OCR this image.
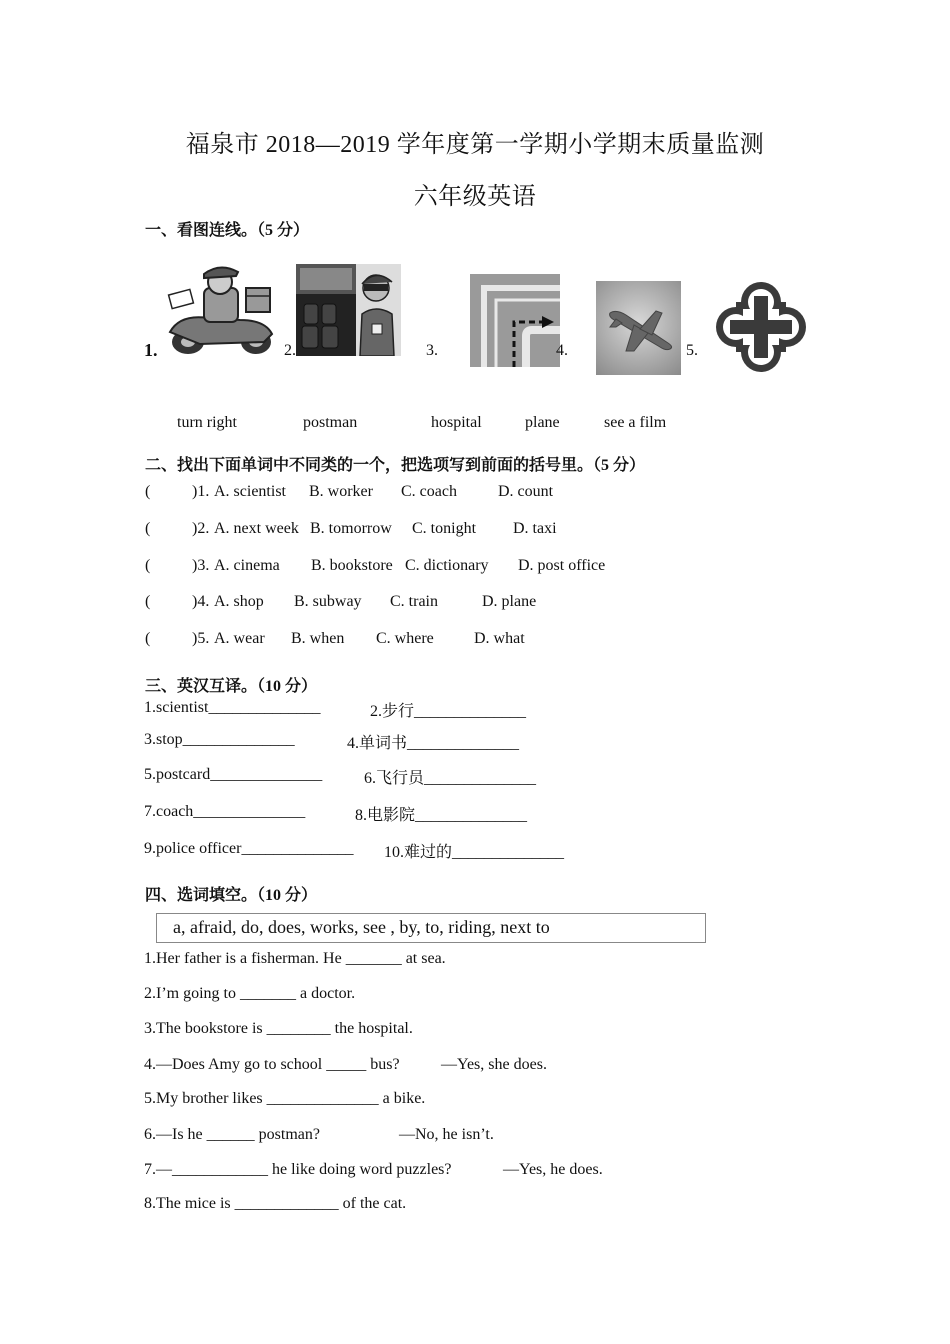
福泉市 2018—2019 学年度第一学期小学期末质量监测
六年级英语
一、看图连线。（5 分）
1.	2.	3.	4.	5.
turn right	postman	hospital	plane	see a film
二、找出下面单词中不同类的一个，把选项写到前面的括号里。（5 分）
(	)1. A. scientist B. worker C. coach	D. count
(	)2. A. next week B. tomorrow C. tonight D. taxi
(	)3. A. cinema B. bookstore C. dictionary D. post office
(	)4. A. shop B. subway C. train	D. plane
(	)5. A. wear B. when C. where	D. what
三、英汉互译。（10 分）
1.scientist______________	2.步行______________
3.stop______________	4.单词书______________
5.postcard______________	6.飞行员______________
7.coach______________	8.电影院______________
9.police officer______________ 10.难过的______________
四、选词填空。（10 分）
a, afraid, do, does, works, see , by, to, riding, next to
1.Her father is a fisherman. He _______ at sea.
2.I’m going to _______ a doctor.
3.The bookstore is ________ the hospital.
4.—Does Amy go to school _____ bus?	—Yes, she does.
5.My brother likes ______________ a bike.
6.—Is he ______ postman?	—No, he isn’t.
7.—____________ he like doing word puzzles?	—Yes, he does.
8.The mice is _____________ of the cat.
